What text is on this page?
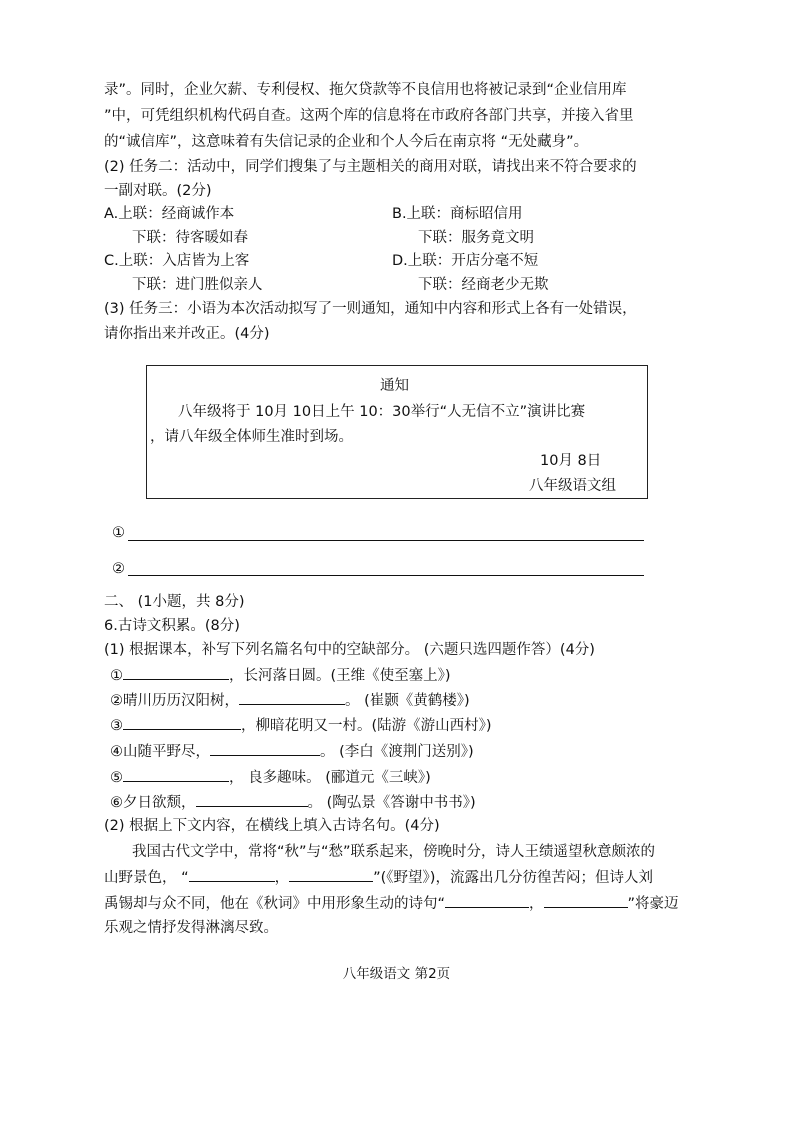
录”。同时，企业欠薪、专利侵权、拖欠贷款等不良信用也将被记录到“企业信用库
”中，可凭组织机构代码自查。这两个库的信息将在市政府各部门共享，并接入省里
的“诚信库”，这意味着有失信记录的企业和个人今后在南京将 “无处藏身”。
(2) 任务二：活动中，同学们搜集了与主题相关的商用对联，请找出来不符合要求的
一副对联。(2分)
A.上联：经商诚作本
下联：待客暖如春
B.上联：商标昭信用
下联：服务竟文明
C.上联：入店皆为上客
下联：进门胜似亲人
D.上联：开店分毫不短
下联：经商老少无欺
(3) 任务三：小语为本次活动拟写了一则通知，通知中内容和形式上各有一处错误，
请你指出来并改正。(4分)
通知
八年级将于 10月 10日上午 10：30举行“人无信不立”演讲比赛
，请八年级全体师生准时到场。
10月 8日
八年级语文组
①
②
二、 (1小题，共 8分)
6.古诗文积累。(8分)
(1) 根据课本，补写下列名篇名句中的空缺部分。 (六题只选四题作答）(4分)
①	，长河落日圆。(王维《使至塞上》)
②晴川历历汉阳树，	。 (崔颢《黄鹤楼》)
③	，柳暗花明又一村。(陆游《游山西村》)
④山随平野尽，	。 (李白《渡荆门送别》)
⑤	， 良多趣味。 (郦道元《三峡》)
⑥夕日欲颓，	。 (陶弘景《答谢中书书》)
(2) 根据上下文内容，在横线上填入古诗名句。(4分)
我国古代文学中，常将“秋”与“愁”联系起来，傍晚时分，诗人王绩遥望秋意颇浓的
山野景色， “	，	”(《野望》)，流露出几分彷徨苦闷；但诗人刘
禹锡却与众不同，他在《秋词》中用形象生动的诗句“	，	”将豪迈
乐观之情抒发得淋漓尽致。
八年级语文 第2页
